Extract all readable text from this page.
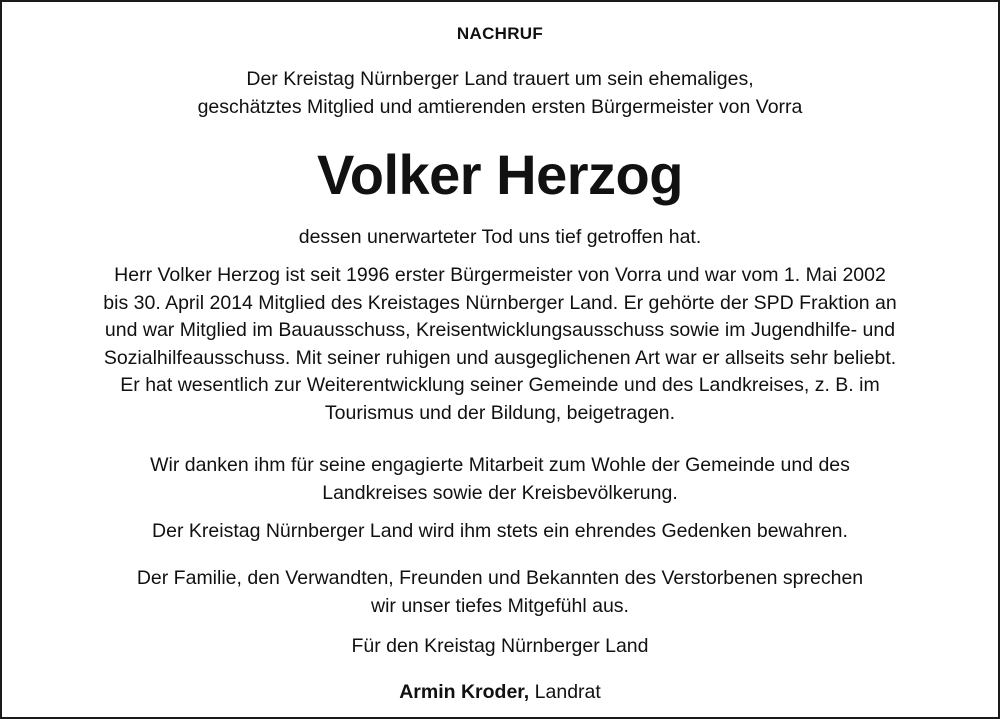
NACHRUF
Der Kreistag Nürnberger Land trauert um sein ehemaliges,
geschätztes Mitglied und amtierenden ersten Bürgermeister von Vorra
Volker Herzog
dessen unerwarteter Tod uns tief getroffen hat.
Herr Volker Herzog ist seit 1996 erster Bürgermeister von Vorra und war vom 1. Mai 2002
bis 30. April 2014 Mitglied des Kreistages Nürnberger Land. Er gehörte der SPD Fraktion an
und war Mitglied im Bauausschuss, Kreisentwicklungsausschuss sowie im Jugendhilfe- und
Sozialhilfeausschuss. Mit seiner ruhigen und ausgeglichenen Art war er allseits sehr beliebt.
Er hat wesentlich zur Weiterentwicklung seiner Gemeinde und des Landkreises, z. B. im
Tourismus und der Bildung, beigetragen.
Wir danken ihm für seine engagierte Mitarbeit zum Wohle der Gemeinde und des
Landkreises sowie der Kreisbevölkerung.
Der Kreistag Nürnberger Land wird ihm stets ein ehrendes Gedenken bewahren.
Der Familie, den Verwandten, Freunden und Bekannten des Verstorbenen sprechen
wir unser tiefes Mitgefühl aus.
Für den Kreistag Nürnberger Land
Armin Kroder, Landrat
